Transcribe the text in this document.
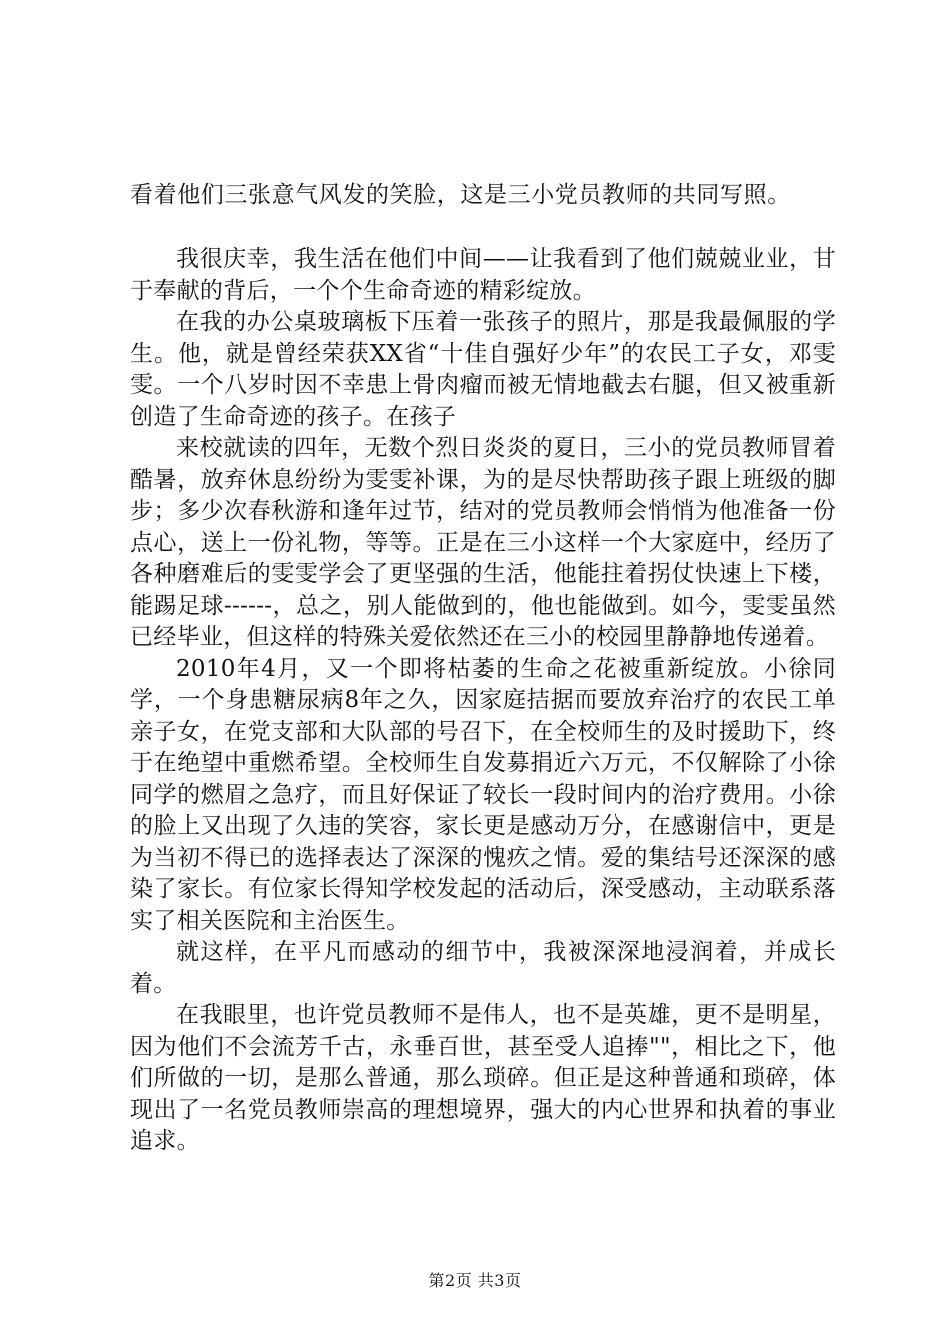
看着他们三张意气风发的笑脸，这是三小党员教师的共同写照。

我很庆幸，我生活在他们中间——让我看到了他们兢兢业业，甘于奉献的背后，一个个生命奇迹的精彩绽放。

在我的办公桌玻璃板下压着一张孩子的照片，那是我最佩服的学生。他，就是曾经荣获XX省“十佳自强好少年”的农民工子女，邓雯雯。一个八岁时因不幸患上骨肉瘤而被无情地截去右腿，但又被重新创造了生命奇迹的孩子。在孩子

来校就读的四年，无数个烈日炎炎的夏日，三小的党员教师冒着酷暑，放弃休息纷纷为雯雯补课，为的是尽快帮助孩子跟上班级的脚步；多少次春秋游和逢年过节，结对的党员教师会悄悄为他准备一份点心，送上一份礼物，等等。正是在三小这样一个大家庭中，经历了各种磨难后的雯雯学会了更坚强的生活，他能拄着拐仗快速上下楼，能踢足球------，总之，别人能做到的，他也能做到。如今，雯雯虽然已经毕业，但这样的特殊关爱依然还在三小的校园里静静地传递着。

2010年4月，又一个即将枯萎的生命之花被重新绽放。小徐同学，一个身患糖尿病8年之久，因家庭拮据而要放弃治疗的农民工单亲子女，在党支部和大队部的号召下，在全校师生的及时援助下，终于在绝望中重燃希望。全校师生自发募捐近六万元，不仅解除了小徐同学的燃眉之急疗，而且好保证了较长一段时间内的治疗费用。小徐的脸上又出现了久违的笑容，家长更是感动万分，在感谢信中，更是为当初不得已的选择表达了深深的愧疚之情。爱的集结号还深深的感染了家长。有位家长得知学校发起的活动后，深受感动，主动联系落实了相关医院和主治医生。

就这样，在平凡而感动的细节中，我被深深地浸润着，并成长着。

在我眼里，也许党员教师不是伟人，也不是英雄，更不是明星，因为他们不会流芳千古，永垂百世，甚至受人追捧""，相比之下，他们所做的一切，是那么普通，那么琐碎。但正是这种普通和琐碎，体现出了一名党员教师崇高的理想境界，强大的内心世界和执着的事业追求。

第2页 共3页
